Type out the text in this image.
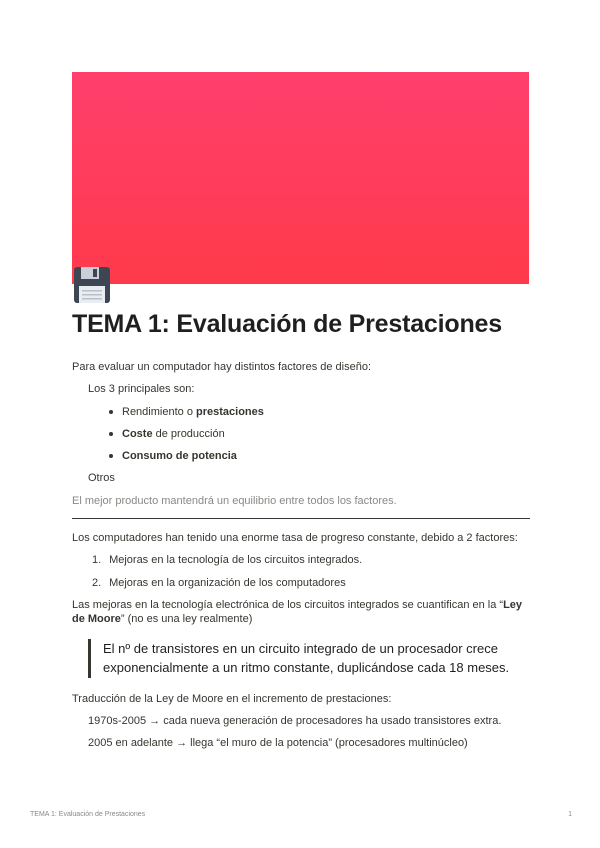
TEMA 1: Evaluación de Prestaciones

Para evaluar un computador hay distintos factores de diseño:

Los 3 principales son:

Rendimiento o prestaciones
Coste de producción
Consumo de potencia

Otros

El mejor producto mantendrá un equilibrio entre todos los factores.

Los computadores han tenido una enorme tasa de progreso constante, debido a 2 factores:

1. Mejoras en la tecnología de los circuitos integrados.
2. Mejoras en la organización de los computadores

Las mejoras en la tecnología electrónica de los circuitos integrados se cuantifican en la “Ley de Moore” (no es una ley realmente)

El nº de transistores en un circuito integrado de un procesador crece exponencialmente a un ritmo constante, duplicándose cada 18 meses.

Traducción de la Ley de Moore en el incremento de prestaciones:

1970s-2005 → cada nueva generación de procesadores ha usado transistores extra.

2005 en adelante → llega “el muro de la potencia” (procesadores multinúcleo)

TEMA 1: Evaluación de Prestaciones	1
